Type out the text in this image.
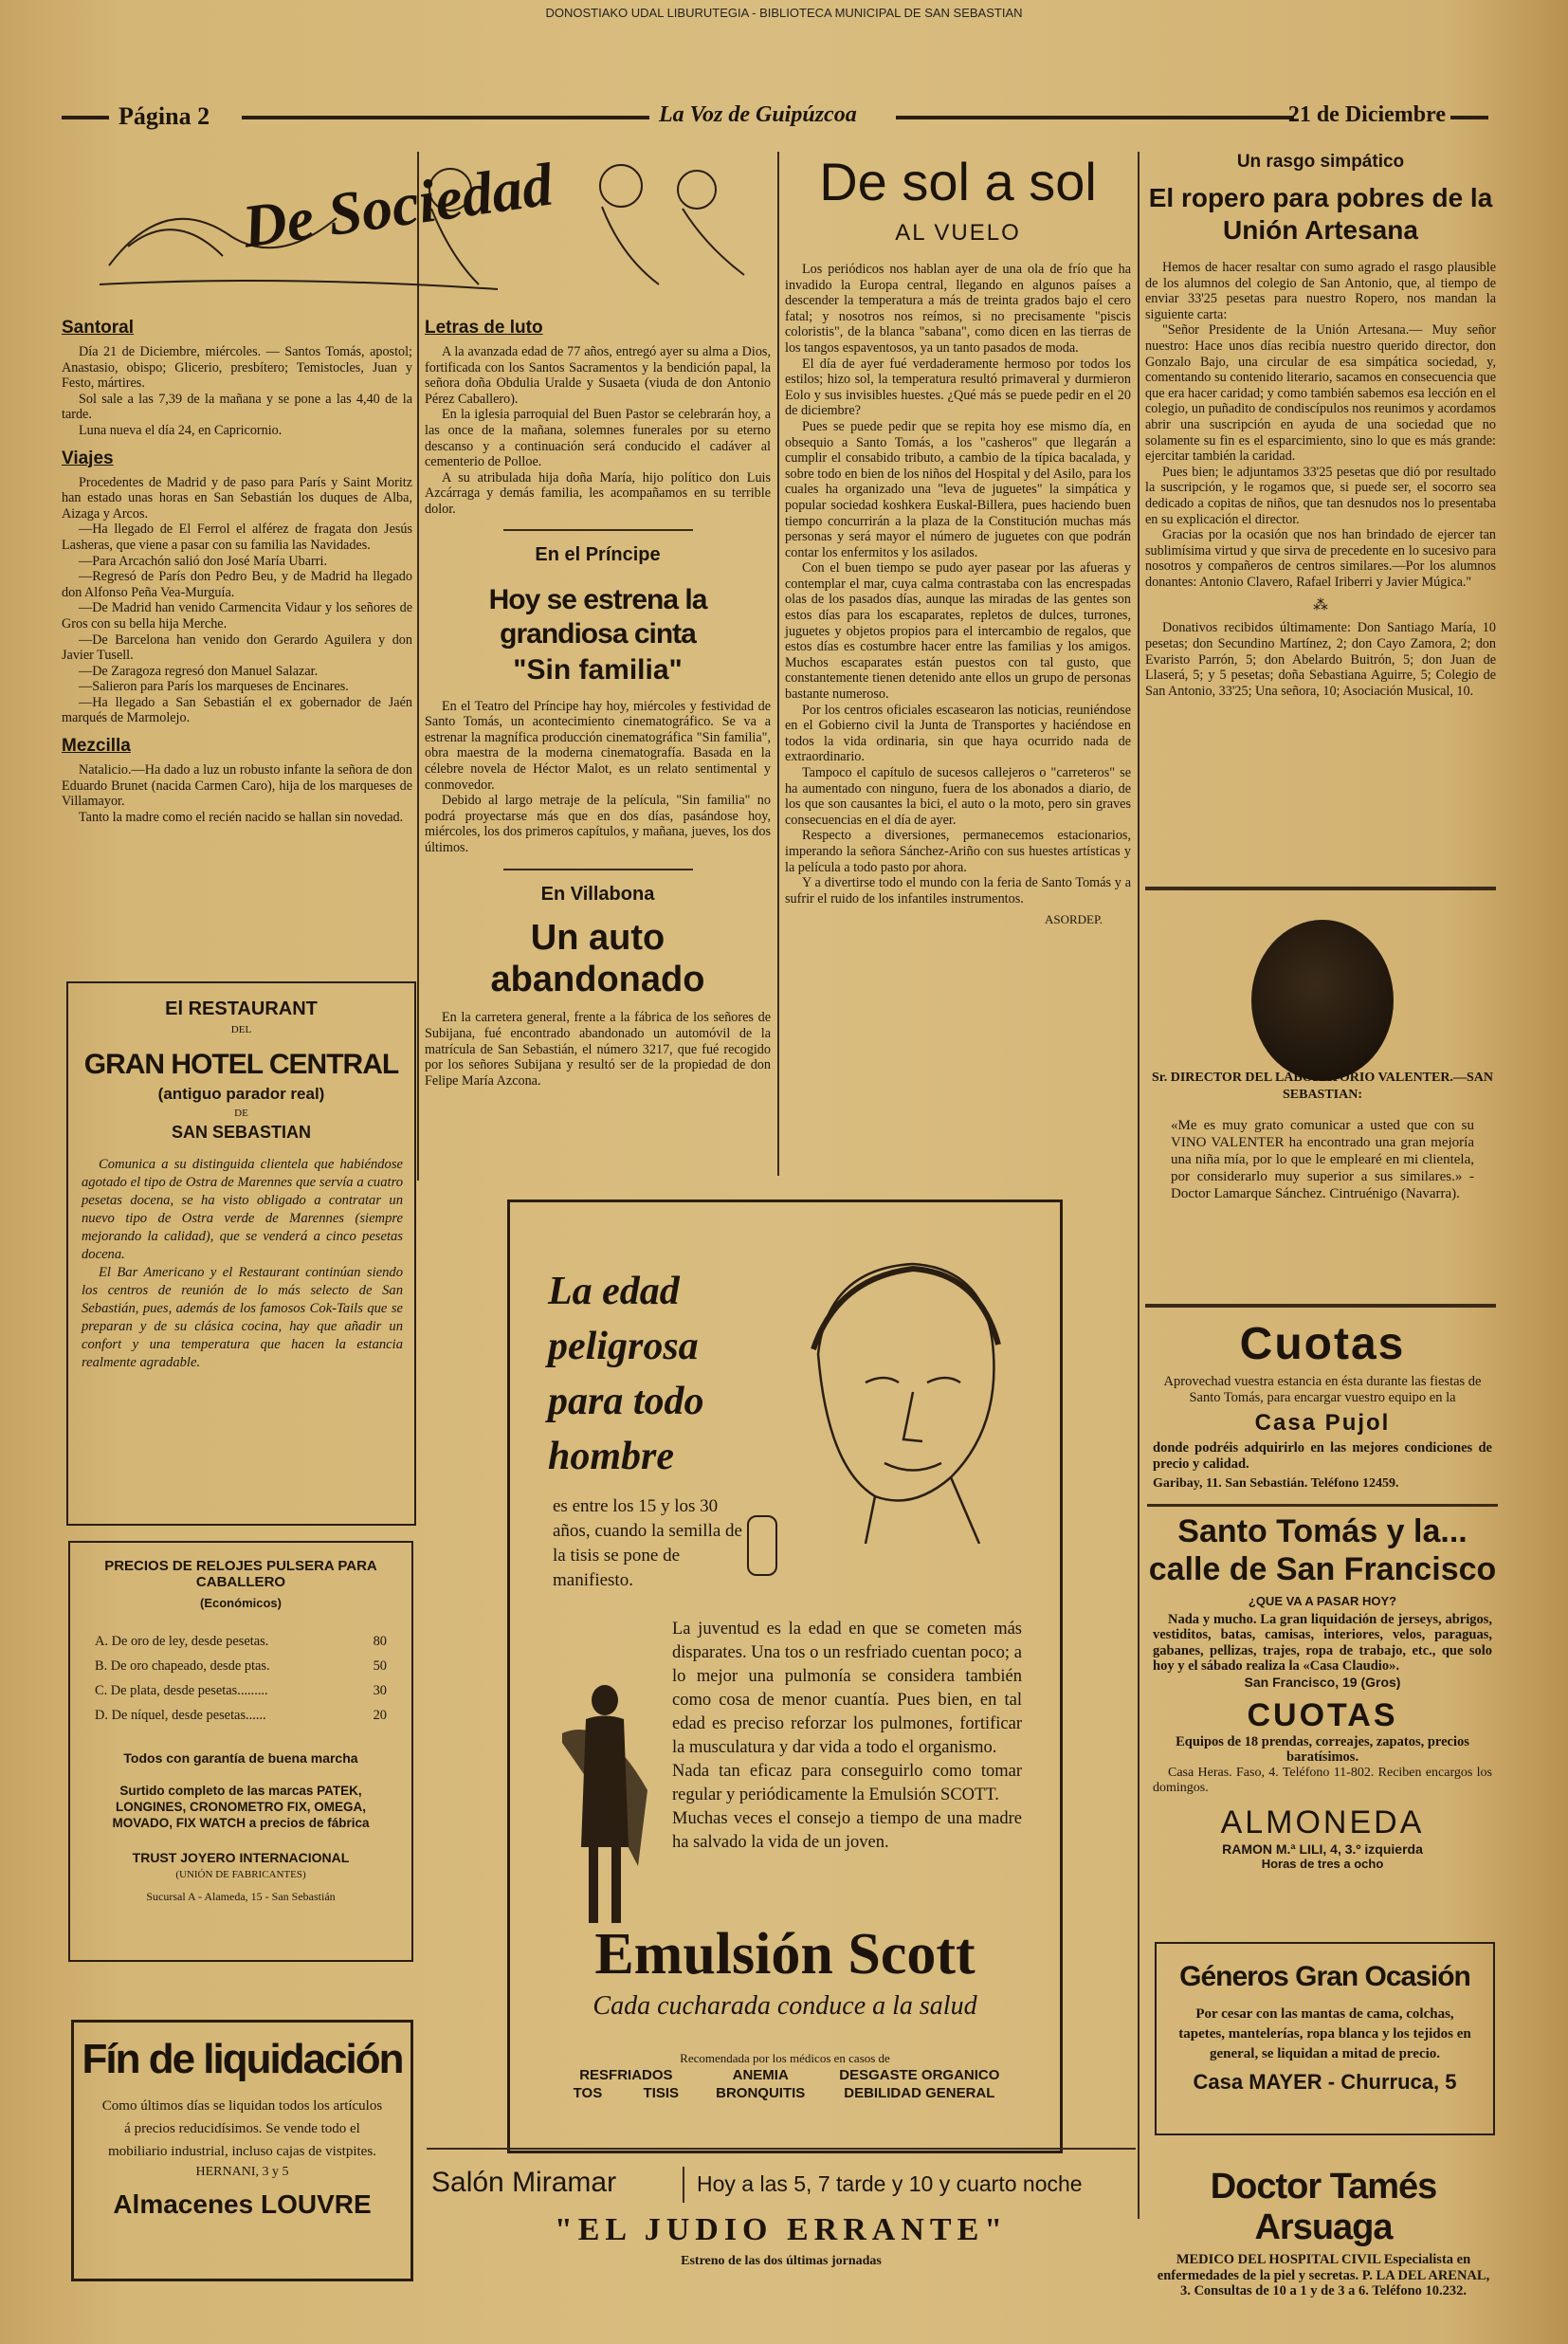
DONOSTIAKO UDAL LIBURUTEGIA - BIBLIOTECA MUNICIPAL DE SAN SEBASTIAN
Página 2	La Voz de Guipúzcoa	21 de Diciembre
De Sociedad
Santoral

Día 21 de Diciembre, miércoles. — Santos Tomás, apostol; Anastasio, obispo; Glicerio, presbítero; Temistocles, Juan y Festo, mártires.

Sol sale a las 7,39 de la mañana y se pone a las 4,40 de la tarde.

Luna nueva el día 24, en Capricornio.

Viajes

Procedentes de Madrid y de paso para París y Saint Moritz han estado unas horas en San Sebastián los duques de Alba, Aizaga y Arcos.

—Ha llegado de El Ferrol el alférez de fragata don Jesús Lasheras, que viene a pasar con su familia las Navidades.

—Para Arcachón salió don José María Ubarri.

—Regresó de París don Pedro Beu, y de Madrid ha llegado don Alfonso Peña Vea-Murguía.

—De Madrid han venido Carmencita Vidaur y los señores de Gros con su bella hija Merche.

—De Barcelona han venido don Gerardo Aguilera y don Javier Tusell.

—De Zaragoza regresó don Manuel Salazar.

—Salieron para París los marqueses de Encinares.

—Ha llegado a San Sebastián el ex gobernador de Jaén marqués de Marmolejo.

Mezcilla

Natalicio.—Ha dado a luz un robusto infante la señora de don Eduardo Brunet (nacida Carmen Caro), hija de los marqueses de Villamayor.

Tanto la madre como el recién nacido se hallan sin novedad.

Letras de luto

A la avanzada edad de 77 años, entregó ayer su alma a Dios, fortificada con los Santos Sacramentos y la bendición papal, la señora doña Obdulia Uralde y Susaeta (viuda de don Antonio Pérez Caballero).

En la iglesia parroquial del Buen Pastor se celebrarán hoy, a las once de la mañana, solemnes funerales por su eterno descanso y a continuación será conducido el cadáver al cementerio de Polloe.

A su atribulada hija doña María, hijo político don Luis Azcárraga y demás familia, les acompañamos en su terrible dolor.

En el Príncipe
Hoy se estrena la grandiosa cinta
"Sin familia"

En el Teatro del Príncipe hay hoy, miércoles y festividad de Santo Tomás, un acontecimiento cinematográfico. Se va a estrenar la magnífica producción cinematográfica "Sin familia", obra maestra de la moderna cinematografía. Basada en la célebre novela de Héctor Malot, es un relato sentimental y conmovedor.

Debido al largo metraje de la película, "Sin familia" no podrá proyectarse más que en dos días, pasándose hoy, miércoles, los dos primeros capítulos, y mañana, jueves, los dos últimos.

En Villabona
Un auto abandonado

En la carretera general, frente a la fábrica de los señores de Subijana, fué encontrado abandonado un automóvil de la matrícula de San Sebastián, el número 3217, que fué recogido por los señores Subijana y resultó ser de la propiedad de don Felipe María Azcona.

De sol a sol
AL VUELO

Los periódicos nos hablan ayer de una ola de frío que ha invadido la Europa central, llegando en algunos países a descender la temperatura a más de treinta grados bajo el cero fatal; y nosotros nos reímos, si no precisamente "piscis coloristis", de la blanca "sabana", como dicen en las tierras de los tangos espaventosos, ya un tanto pasados de moda.

El día de ayer fué verdaderamente hermoso por todos los estilos; hizo sol, la temperatura resultó primaveral y durmieron Eolo y sus invisibles huestes. ¿Qué más se puede pedir en el 20 de diciembre?

Pues se puede pedir que se repita hoy ese mismo día, en obsequio a Santo Tomás, a los "casheros" que llegarán a cumplir el consabido tributo, a cambio de la típica bacalada, y sobre todo en bien de los niños del Hospital y del Asilo, para los cuales ha organizado una "leva de juguetes" la simpática y popular sociedad koshkera Euskal-Billera, pues haciendo buen tiempo concurrirán a la plaza de la Constitución muchas más personas y será mayor el número de juguetes con que podrán contar los enfermitos y los asilados.

Con el buen tiempo se pudo ayer pasear por las afueras y contemplar el mar, cuya calma contrastaba con las encrespadas olas de los pasados días, aunque las miradas de las gentes son estos días para los escaparates, repletos de dulces, turrones, juguetes y objetos propios para el intercambio de regalos, que estos días es costumbre hacer entre las familias y los amigos. Muchos escaparates están puestos con tal gusto, que constantemente tienen detenido ante ellos un grupo de personas bastante numeroso.

Por los centros oficiales escasearon las noticias, reuniéndose en el Gobierno civil la Junta de Transportes y haciéndose en todos la vida ordinaria, sin que haya ocurrido nada de extraordinario.

Tampoco el capítulo de sucesos callejeros o "carreteros" se ha aumentado con ninguno, fuera de los abonados a diario, de los que son causantes la bici, el auto o la moto, pero sin graves consecuencias en el día de ayer.

Respecto a diversiones, permanecemos estacionarios, imperando la señora Sánchez-Ariño con sus huestes artísticas y la película a todo pasto por ahora.

Y a divertirse todo el mundo con la feria de Santo Tomás y a sufrir el ruido de los infantiles instrumentos.

ASORDEP.
Un rasgo simpático
El ropero para pobres de la Unión Artesana

Hemos de hacer resaltar con sumo agrado el rasgo plausible de los alumnos del colegio de San Antonio, que, al tiempo de enviar 33'25 pesetas para nuestro Ropero, nos mandan la siguiente carta:

"Señor Presidente de la Unión Artesana.— Muy señor nuestro: Hace unos días recibía nuestro querido director, don Gonzalo Bajo, una circular de esa simpática sociedad, y, comentando su contenido literario, sacamos en consecuencia que que era hacer caridad; y como también sabemos esa lección en el colegio, un puñadito de condiscípulos nos reunimos y acordamos abrir una suscripción en ayuda de una sociedad que no solamente su fin es el esparcimiento, sino lo que es más grande: ejercitar también la caridad.

Pues bien; le adjuntamos 33'25 pesetas que dió por resultado la suscripción, y le rogamos que, si puede ser, el socorro sea dedicado a copitas de niños, que tan desnudos nos lo presentaba en su explicación el director.

Gracias por la ocasión que nos han brindado de ejercer tan sublimísima virtud y que sirva de precedente en lo sucesivo para nosotros y compañeros de centros similares.—Por los alumnos donantes: Antonio Clavero, Rafael Iriberri y Javier Múgica."

⁂

Donativos recibidos últimamente: Don Santiago María, 10 pesetas; don Secundino Martínez, 2; don Cayo Zamora, 2; don Evaristo Parrón, 5; don Abelardo Buitrón, 5; don Juan de Llaserá, 5; y 5 pesetas; doña Sebastiana Aguirre, 5; Colegio de San Antonio, 33'25; Una señora, 10; Asociación Musical, 10.

Sr. DIRECTOR DEL LABORATORIO VALENTER.—SAN SEBASTIAN:

«Me es muy grato comunicar a usted que con su VINO VALENTER ha encontrado una gran mejoría una niña mía, por lo que le emplearé en mi clientela, por considerarlo muy superior a sus similares.» - Doctor Lamarque Sánchez. Cintruénigo (Navarra).

El RESTAURANT
DEL
GRAN HOTEL CENTRAL
(antiguo parador real)
DE
SAN SEBASTIAN

Comunica a su distinguida clientela que habiéndose agotado el tipo de Ostra de Marennes que servía a cuatro pesetas docena, se ha visto obligado a contratar un nuevo tipo de Ostra verde de Marennes (siempre mejorando la calidad), que se venderá a cinco pesetas docena.

El Bar Americano y el Restaurant continúan siendo los centros de reunión de lo más selecto de San Sebastián, pues, además de los famosos Cok-Tails que se preparan y de su clásica cocina, hay que añadir un confort y una temperatura que hacen la estancia realmente agradable.

PRECIOS DE RELOJES PULSERA PARA CABALLERO
(Económicos)
A. De oro de ley, desde pesetas.	80
B. De oro chapeado, desde ptas.	50
C. De plata, desde pesetas.........	30
D. De níquel, desde pesetas......	20
Todos con garantía de buena marcha
Surtido completo de las marcas PATEK, LONGINES, CRONOMETRO FIX, OMEGA, MOVADO, FIX WATCH a precios de fábrica
TRUST JOYERO INTERNACIONAL
(UNIÓN DE FABRICANTES)
Sucursal A - Alameda, 15 - San Sebastián
Fín de liquidación

Como últimos días se liquidan todos los artículos á precios reducidísimos. Se vende todo el mobiliario industrial, incluso cajas de vistpites.

HERNANI, 3 y 5
Almacenes LOUVRE
La edad peligrosa para todo hombre

es entre los 15 y los 30 años, cuando la semilla de la tisis se pone de manifiesto.

La juventud es la edad en que se cometen más disparates. Una tos o un resfriado cuentan poco; a lo mejor una pulmonía se considera también como cosa de menor cuantía. Pues bien, en tal edad es preciso reforzar los pulmones, fortificar la musculatura y dar vida a todo el organismo.
Nada tan eficaz para conseguirlo como tomar regular y periódicamente la Emulsión SCOTT.
Muchas veces el consejo a tiempo de una madre ha salvado la vida de un joven.

Emulsión Scott
Cada cucharada conduce a la salud
Recomendada por los médicos en casos de
RESFRIADOS	ANEMIA	DESGASTE ORGANICO
TOS	TISIS	BRONQUITIS	DEBILIDAD GENERAL
Salón Miramar	Hoy a las 5, 7 tarde y 10 y cuarto noche
"EL JUDIO ERRANTE"
Estreno de las dos últimas jornadas
Cuotas

Aprovechad vuestra estancia en ésta durante las fiestas de Santo Tomás, para encargar vuestro equipo en la

Casa Pujol

donde podréis adquirirlo en las mejores condiciones de precio y calidad.

Garibay, 11. San Sebastián. Teléfono 12459.

Santo Tomás y la... calle de San Francisco
¿QUE VA A PASAR HOY?

Nada y mucho. La gran liquidación de jerseys, abrigos, vestiditos, batas, camisas, interiores, velos, paraguas, gabanes, pellizas, trajes, ropa de trabajo, etc., que solo hoy y el sábado realiza la «Casa Claudio».

San Francisco, 19 (Gros)
CUOTAS

Equipos de 18 prendas, correajes, zapatos, precios baratísimos.

Casa Heras. Faso, 4. Teléfono 11-802. Reciben encargos los domingos.

ALMONEDA
RAMON M.ª LILI, 4, 3.º izquierda
Horas de tres a ocho
Géneros Gran Ocasión

Por cesar con las mantas de cama, colchas, tapetes, mantelerías, ropa blanca y los tejidos en general, se liquidan a mitad de precio.

Casa MAYER - Churruca, 5
Doctor Tamés Arsuaga

MEDICO DEL HOSPITAL CIVIL Especialista en enfermedades de la piel y secretas. P. LA DEL ARENAL, 3. Consultas de 10 a 1 y de 3 a 6. Teléfono 10.232.
